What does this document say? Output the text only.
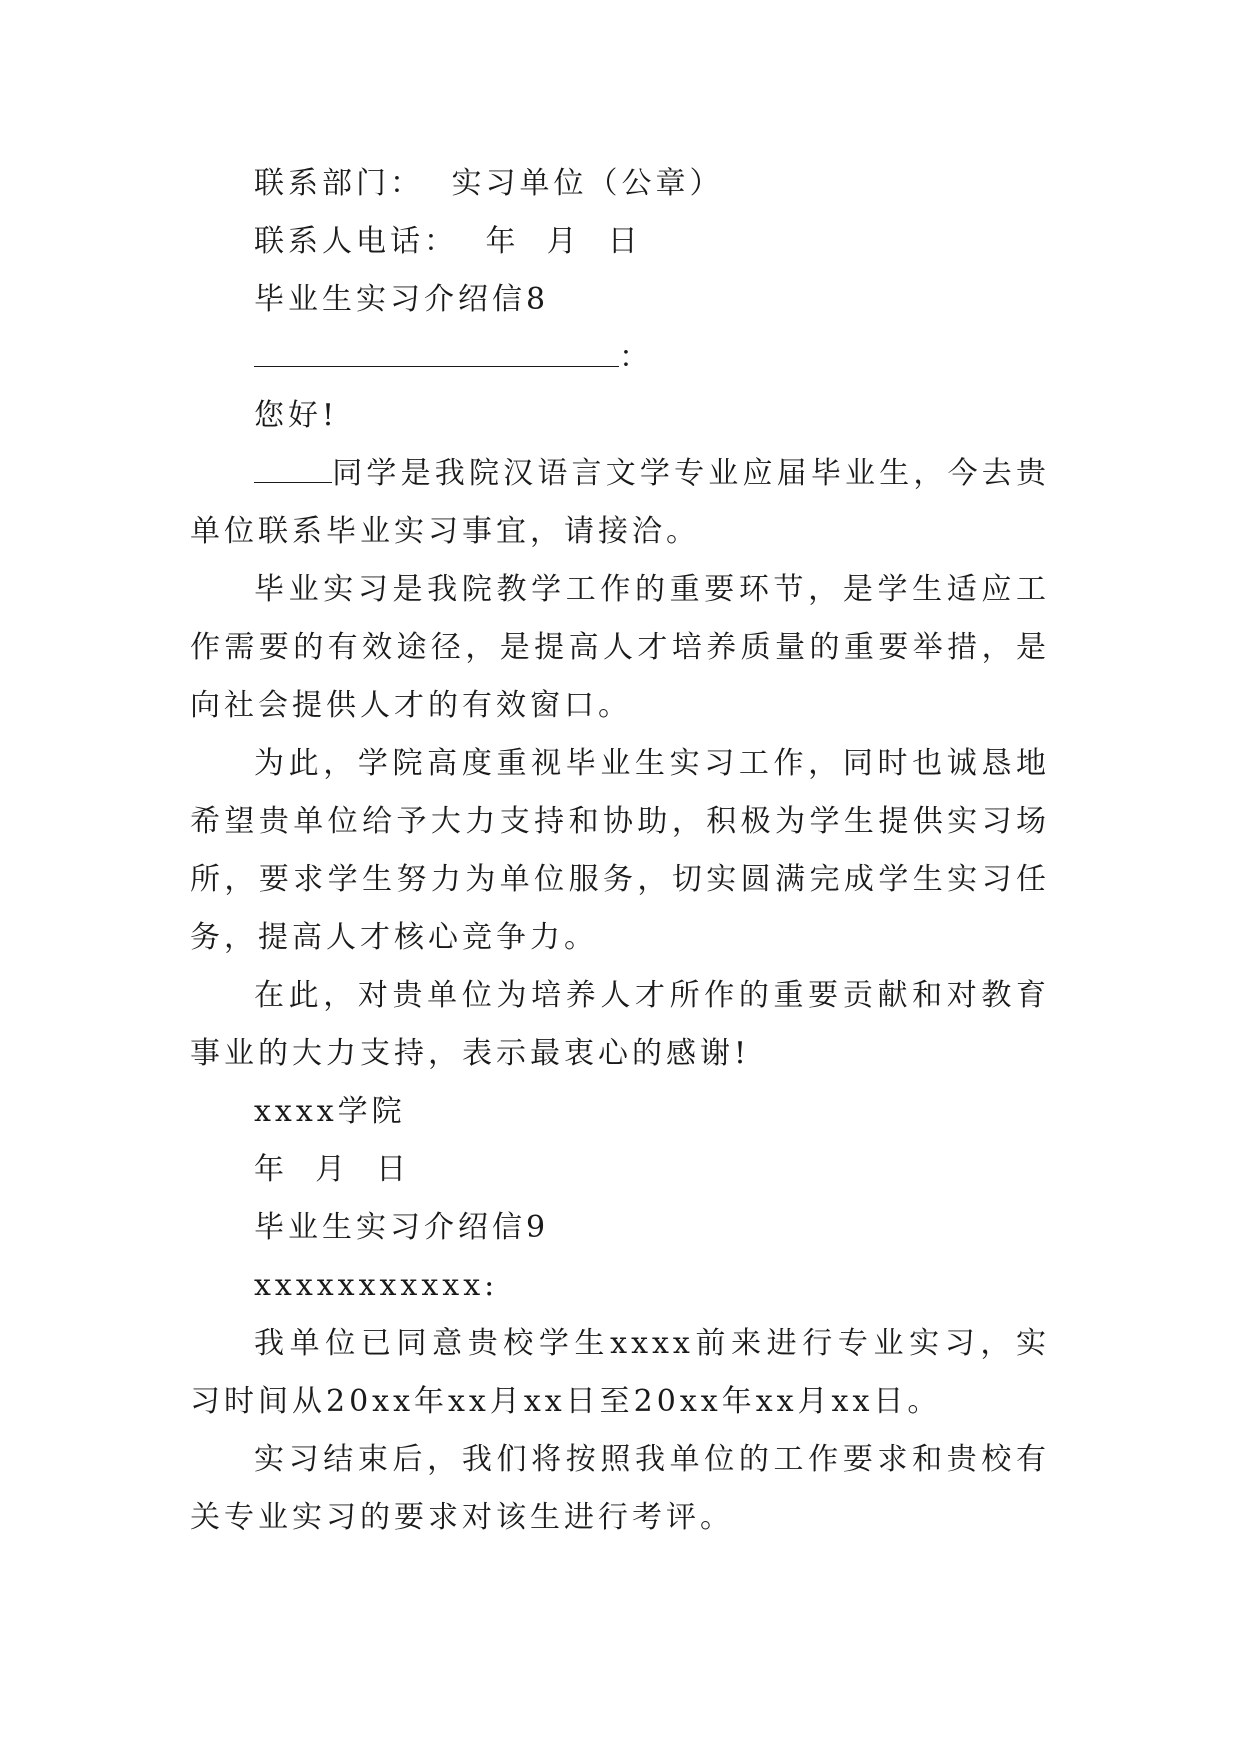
联系部门： 实习单位（公章）
联系人电话： 年  月  日
毕业生实习介绍信8
：
您好!

同学是我院汉语言文学专业应届毕业生，今去贵单位联系毕业实习事宜，请接洽。

毕业实习是我院教学工作的重要环节，是学生适应工作需要的有效途径，是提高人才培养质量的重要举措，是向社会提供人才的有效窗口。

为此，学院高度重视毕业生实习工作，同时也诚恳地希望贵单位给予大力支持和协助，积极为学生提供实习场所，要求学生努力为单位服务，切实圆满完成学生实习任务，提高人才核心竞争力。

在此，对贵单位为培养人才所作的重要贡献和对教育事业的大力支持，表示最衷心的感谢!

xxxx学院
年  月  日
毕业生实习介绍信9
xxxxxxxxxxx:

我单位已同意贵校学生xxxx前来进行专业实习，实习时间从20xx年xx月xx日至20xx年xx月xx日。

实习结束后，我们将按照我单位的工作要求和贵校有关专业实习的要求对该生进行考评。
